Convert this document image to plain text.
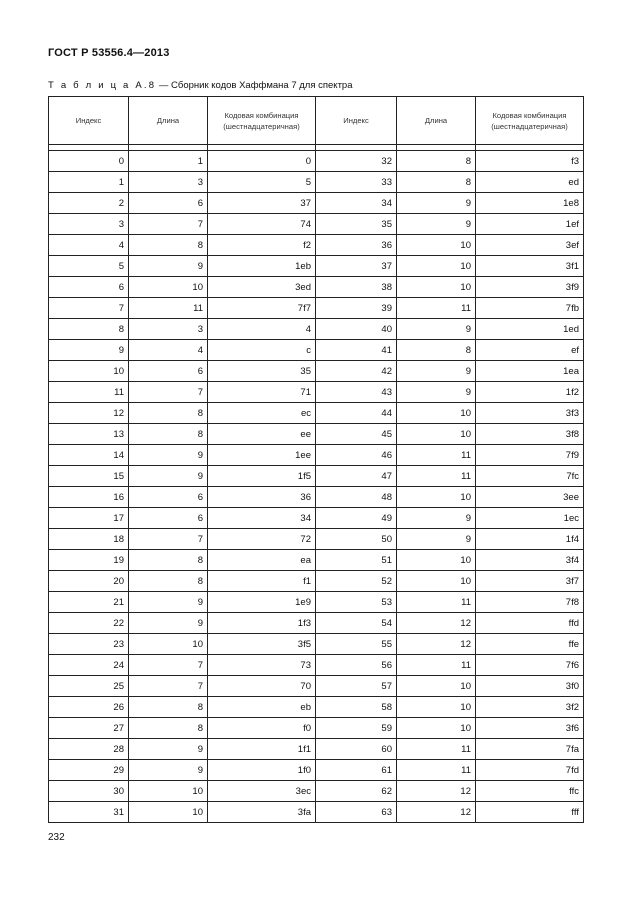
ГОСТ Р 53556.4—2013
Т а б л и ц а А.8 — Сборник кодов Хаффмана 7 для спектра
Индекс	Длина	Кодовая комбинация (шестнадцатеричная)	Индекс	Длина	Кодовая комбинация (шестнадцатеричная)

0	1	0	32	8	f3
1	3	5	33	8	ed
2	6	37	34	9	1e8
3	7	74	35	9	1ef
4	8	f2	36	10	3ef
5	9	1eb	37	10	3f1
6	10	3ed	38	10	3f9
7	11	7f7	39	11	7fb
8	3	4	40	9	1ed
9	4	c	41	8	ef
10	6	35	42	9	1ea
11	7	71	43	9	1f2
12	8	ec	44	10	3f3
13	8	ee	45	10	3f8
14	9	1ee	46	11	7f9
15	9	1f5	47	11	7fc
16	6	36	48	10	3ee
17	6	34	49	9	1ec
18	7	72	50	9	1f4
19	8	ea	51	10	3f4
20	8	f1	52	10	3f7
21	9	1e9	53	11	7f8
22	9	1f3	54	12	ffd
23	10	3f5	55	12	ffe
24	7	73	56	11	7f6
25	7	70	57	10	3f0
26	8	eb	58	10	3f2
27	8	f0	59	10	3f6
28	9	1f1	60	11	7fa
29	9	1f0	61	11	7fd
30	10	3ec	62	12	ffc
31	10	3fa	63	12	fff
232
